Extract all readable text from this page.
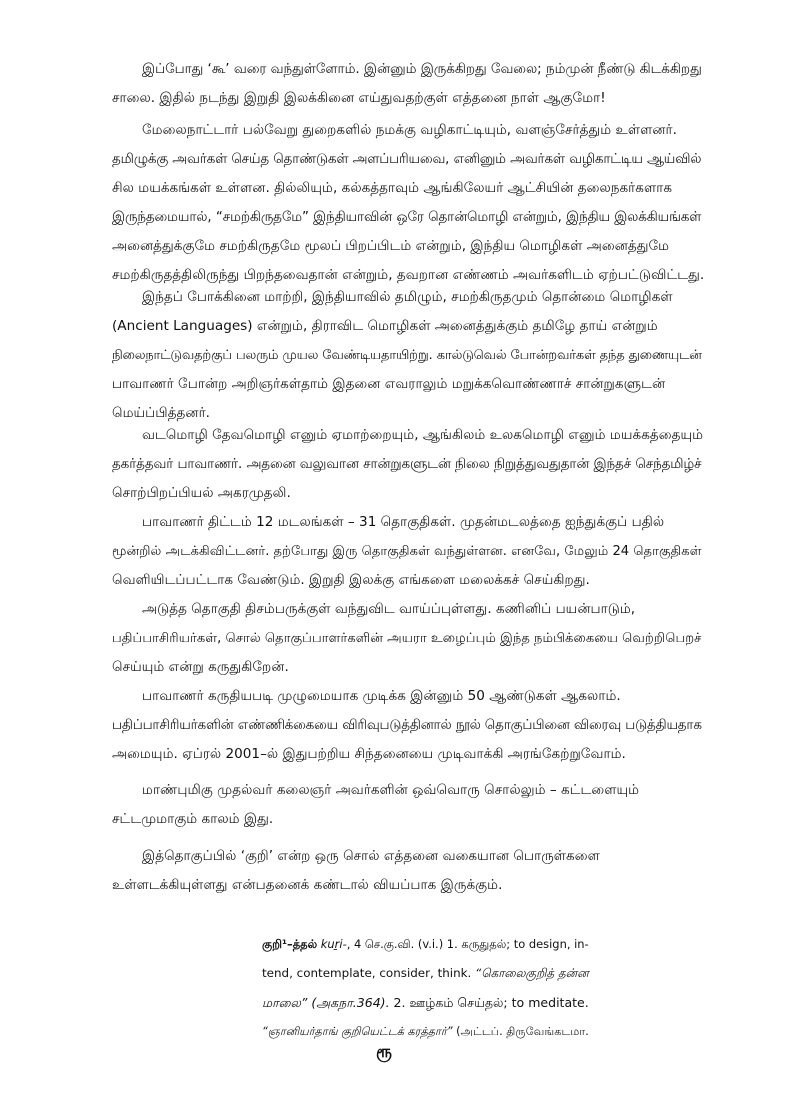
இப்போது ‘கூ’ வரை வந்துள்ளோம். இன்னும் இருக்கிறது வேலை; நம்முன் நீண்டு கிடக்கிறது
சாலை. இதில் நடந்து இறுதி இலக்கினை எய்துவதற்குள் எத்தனை நாள் ஆகுமோ!

மேலைநாட்டார் பல்வேறு துறைகளில் நமக்கு வழிகாட்டியும், வளஞ்சேர்த்தும் உள்ளனர்.
தமிழுக்கு அவர்கள் செய்த தொண்டுகள் அளப்பரியவை, எனினும் அவர்கள் வழிகாட்டிய ஆய்வில்
சில மயக்கங்கள் உள்ளன. தில்லியும், கல்கத்தாவும் ஆங்கிலேயர் ஆட்சியின் தலைநகர்களாக
இருந்தமையால், “சமற்கிருதமே” இந்தியாவின் ஒரே தொன்மொழி என்றும், இந்திய இலக்கியங்கள்
அனைத்துக்குமே சமற்கிருதமே மூலப் பிறப்பிடம் என்றும், இந்திய மொழிகள் அனைத்துமே
சமற்கிருதத்திலிருந்து பிறந்தவைதான் என்றும், தவறான எண்ணம் அவர்களிடம் ஏற்பட்டுவிட்டது.

இந்தப் போக்கினை மாற்றி, இந்தியாவில் தமிழும், சமற்கிருதமும் தொன்மை மொழிகள்
(Ancient Languages) என்றும், திராவிட மொழிகள் அனைத்துக்கும் தமிழே தாய் என்றும்
நிலைநாட்டுவதற்குப் பலரும் முயல வேண்டியதாயிற்று. கால்டுவெல் போன்றவர்கள் தந்த துணையுடன்
பாவாணர் போன்ற அறிஞர்கள்தாம் இதனை எவராலும் மறுக்கவொண்ணாச் சான்றுகளுடன்
மெய்ப்பித்தனர்.

வடமொழி தேவமொழி எனும் ஏமாற்றையும், ஆங்கிலம் உலகமொழி எனும் மயக்கத்தையும்
தகர்த்தவர் பாவாணர். அதனை வலுவான சான்றுகளுடன் நிலை நிறுத்துவதுதான் இந்தச் செந்தமிழ்ச்
சொற்பிறப்பியல் அகரமுதலி.

பாவாணர் திட்டம் 12 மடலங்கள் – 31 தொகுதிகள். முதன்மடலத்தை ஐந்துக்குப் பதில்
மூன்றில் அடக்கிவிட்டனர். தற்போது இரு தொகுதிகள் வந்துள்ளன. எனவே, மேலும் 24 தொகுதிகள்
வெளியிடப்பட்டாக வேண்டும். இறுதி இலக்கு எங்களை மலைக்கச் செய்கிறது.

அடுத்த தொகுதி திசம்பருக்குள் வந்துவிட வாய்ப்புள்ளது. கணினிப் பயன்பாடும்,
பதிப்பாசிரியர்கள், சொல் தொகுப்பாளர்களின் அயரா உழைப்பும் இந்த நம்பிக்கையை வெற்றிபெறச்
செய்யும் என்று கருதுகிறேன்.

பாவாணர் கருதியபடி முழுமையாக முடிக்க இன்னும் 50 ஆண்டுகள் ஆகலாம்.
பதிப்பாசிரியர்களின் எண்ணிக்கையை விரிவுபடுத்தினால் நூல் தொகுப்பினை விரைவு படுத்தியதாக
அமையும். ஏப்ரல் 2001–ல் இதுபற்றிய சிந்தனையை முடிவாக்கி அரங்கேற்றுவோம்.

மாண்புமிகு முதல்வர் கலைஞர் அவர்களின் ஒவ்வொரு சொல்லும் – கட்டளையும்
சட்டமுமாகும் காலம் இது.

இத்தொகுப்பில் ‘குறி’ என்ற ஒரு சொல் எத்தனை வகையான பொருள்களை
உள்ளடக்கியுள்ளது என்பதனைக் கண்டால் வியப்பாக இருக்கும்.

குறி¹–த்தல் kuṟi-, 4 செ.கு.வி. (v.i.) 1. கருதுதல்; to design, in-
tend, contemplate, consider, think. “கொலைகுறித் தன்ன
மாலை” (அகநா.364). 2. ஊழ்கம் செய்தல்; to meditate.
“ஞானியர்தாங் குறியெட்டக் கரத்தார்” (அட்டப். திருவேங்கடமா.
ரூ
